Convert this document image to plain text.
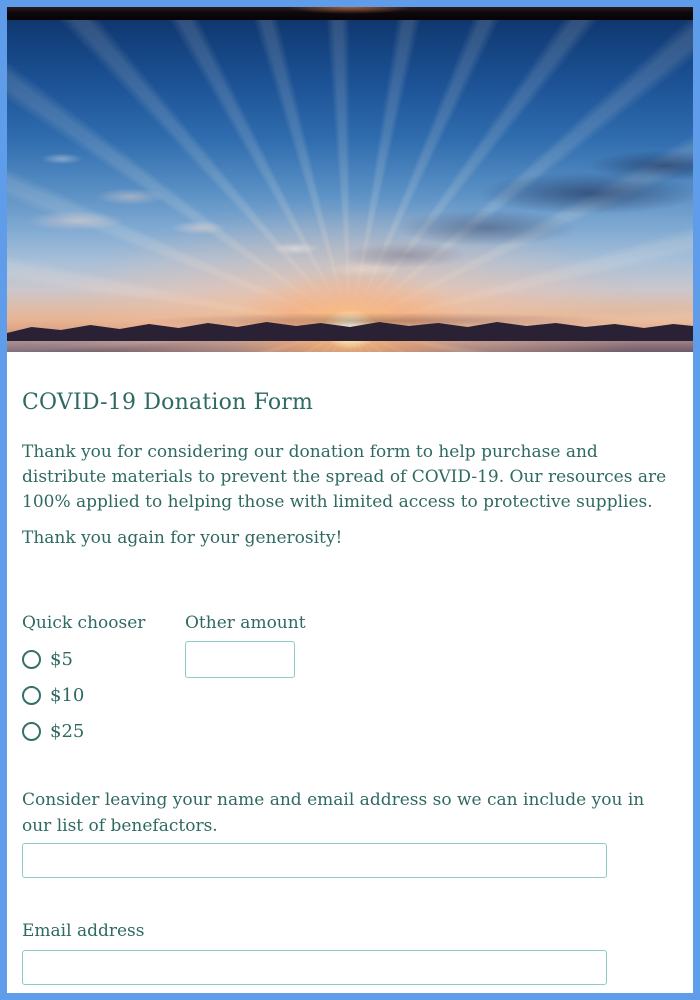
COVID-19 Donation Form

Thank you for considering our donation form to help purchase and distribute materials to prevent the spread of COVID-19. Our resources are 100% applied to helping those with limited access to protective supplies.

Thank you again for your generosity!

Quick chooser
$5
$10
$25
Other amount

Consider leaving your name and email address so we can include you in our list of benefactors.

Email address
